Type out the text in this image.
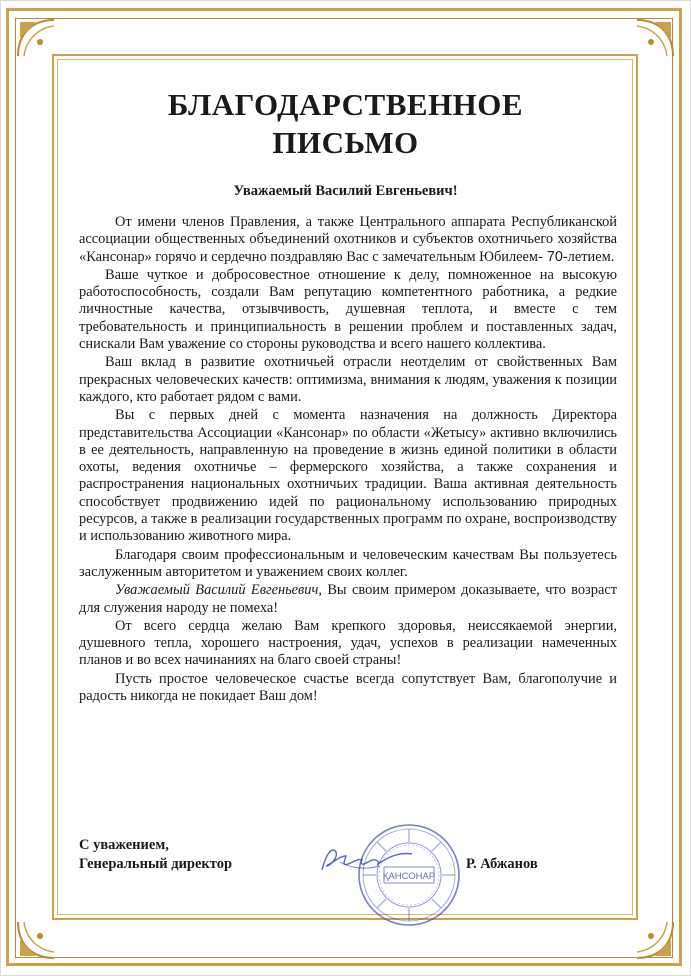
БЛАГОДАРСТВЕННОЕ
ПИСЬМО
Уважаемый Василий Евгеньевич!

От имени членов Правления, а также Центрального аппарата Республиканской ассоциации общественных объединений охотников и субъектов охотничьего хозяйства «Кансонар» горячо и сердечно поздравляю Вас с замечательным Юбилеем- 70-летием.

Ваше чуткое и добросовестное отношение к делу, помноженное на высокую работоспособность, создали Вам репутацию компетентного работника, а редкие личностные качества, отзывчивость, душевная теплота, и вместе с тем требовательность и принципиальность в решении проблем и поставленных задач, снискали Вам уважение со стороны руководства и всего нашего коллектива.

Ваш вклад в развитие охотничьей отрасли неотделим от свойственных Вам прекрасных человеческих качеств: оптимизма, внимания к людям, уважения к позиции каждого, кто работает рядом с вами.

Вы с первых дней с момента назначения на должность Директора представительства Ассоциации «Кансонар» по области «Жетысу» активно включились в ее деятельность, направленную на проведение в жизнь единой политики в области охоты, ведения охотничье – фермерского хозяйства, а также сохранения и распространения национальных охотничьих традиции. Ваша активная деятельность способствует продвижению идей по рациональному использованию природных ресурсов, а также в реализации государственных программ по охране, воспроизводству и использованию животного мира.

Благодаря своим профессиональным и человеческим качествам Вы пользуетесь заслуженным авторитетом и уважением своих коллег.

Уважаемый Василий Евгеньевич, Вы своим примером доказываете, что возраст для служения народу не помеха!

От всего сердца желаю Вам крепкого здоровья, неиссякаемой энергии, душевного тепла, хорошего настроения, удач, успехов в реализации намеченных планов и во всех начинаниях на благо своей страны!

Пусть простое человеческое счастье всегда сопутствует Вам, благополучие и радость никогда не покидает Ваш дом!

С уважением,
Генеральный директор
ҚАНСОНАР
Р. Абжанов
